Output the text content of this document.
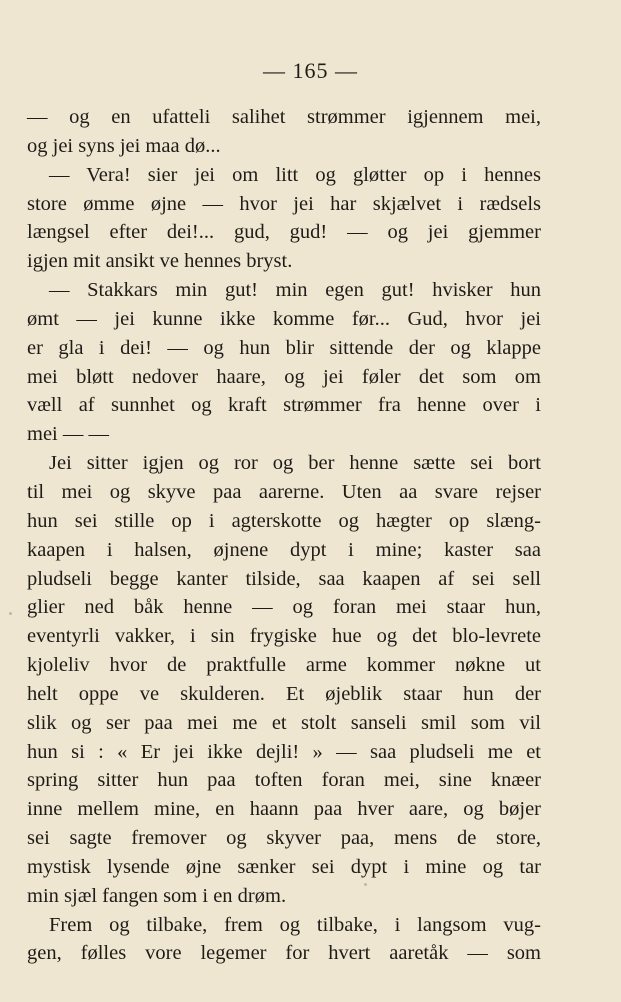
— 165 —
— og en ufatteli salihet strømmer igjennem mei,
og jei syns jei maa dø...
— Vera! sier jei om litt og gløtter op i hennes
store ømme øjne — hvor jei har skjælvet i rædsels
længsel efter dei!... gud, gud! — og jei gjemmer
igjen mit ansikt ve hennes bryst.
— Stakkars min gut! min egen gut! hvisker hun
ømt — jei kunne ikke komme før... Gud, hvor jei
er gla i dei! — og hun blir sittende der og klappe
mei bløtt nedover haare, og jei føler det som om
væll af sunnhet og kraft strømmer fra henne over i
mei — —
Jei sitter igjen og ror og ber henne sætte sei bort
til mei og skyve paa aarerne. Uten aa svare rejser
hun sei stille op i agterskotte og hægter op slæng-
kaapen i halsen, øjnene dypt i mine; kaster saa
pludseli begge kanter tilside, saa kaapen af sei sell
glier ned båk henne — og foran mei staar hun,
eventyrli vakker, i sin frygiske hue og det blo-levrete
kjoleliv hvor de praktfulle arme kommer nøkne ut
helt oppe ve skulderen. Et øjeblik staar hun der
slik og ser paa mei me et stolt sanseli smil som vil
hun si : « Er jei ikke dejli! » — saa pludseli me et
spring sitter hun paa toften foran mei, sine knæer
inne mellem mine, en haann paa hver aare, og bøjer
sei sagte fremover og skyver paa, mens de store,
mystisk lysende øjne sænker sei dypt i mine og tar
min sjæl fangen som i en drøm.
Frem og tilbake, frem og tilbake, i langsom vug-
gen, følles vore legemer for hvert aaretåk — som
